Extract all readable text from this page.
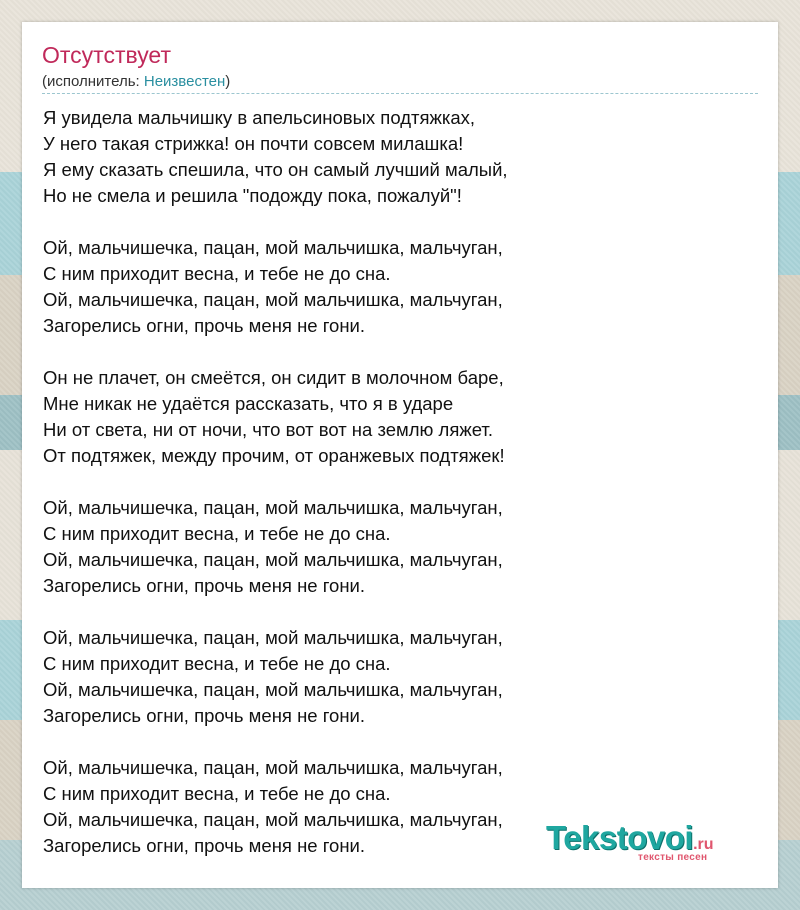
Отсутствует
(исполнитель: Неизвестен)
Я увидела мальчишку в апельсиновых подтяжках,
У него такая стрижка! он почти совсем милашка!
Я ему сказать спешила, что он самый лучший малый,
Но не смела и решила "подожду пока, пожалуй"!
Ой, мальчишечка, пацан, мой мальчишка, мальчуган,
С ним приходит весна, и тебе не до сна.
Ой, мальчишечка, пацан, мой мальчишка, мальчуган,
Загорелись огни, прочь меня не гони.
Он не плачет, он смеётся, он сидит в молочном баре,
Мне никак не удаётся рассказать, что я в ударе
Ни от света, ни от ночи, что вот вот на землю ляжет.
От подтяжек, между прочим, от оранжевых подтяжек!
Ой, мальчишечка, пацан, мой мальчишка, мальчуган,
С ним приходит весна, и тебе не до сна.
Ой, мальчишечка, пацан, мой мальчишка, мальчуган,
Загорелись огни, прочь меня не гони.
Ой, мальчишечка, пацан, мой мальчишка, мальчуган,
С ним приходит весна, и тебе не до сна.
Ой, мальчишечка, пацан, мой мальчишка, мальчуган,
Загорелись огни, прочь меня не гони.
Ой, мальчишечка, пацан, мой мальчишка, мальчуган,
С ним приходит весна, и тебе не до сна.
Ой, мальчишечка, пацан, мой мальчишка, мальчуган,
Загорелись огни, прочь меня не гони.	Tekstovoi.ru
тексты песен
